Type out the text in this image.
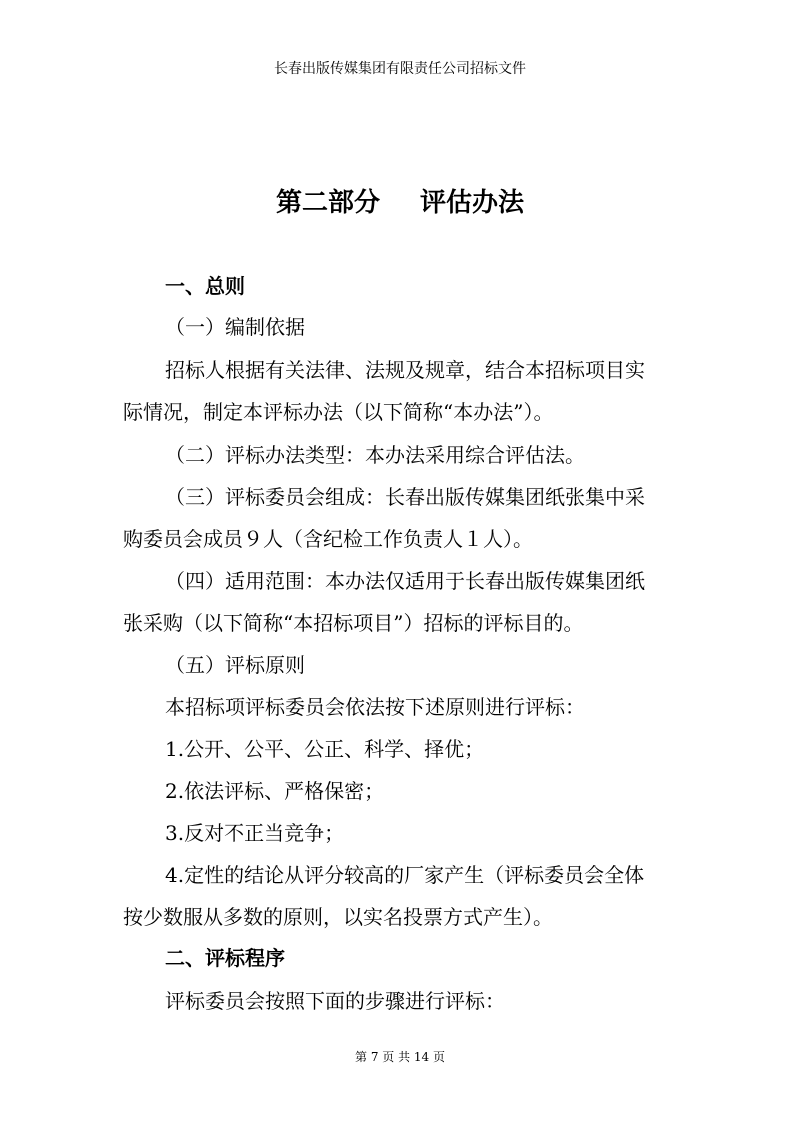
长春出版传媒集团有限责任公司招标文件
第二部分 评估办法
一、总则
（一）编制依据
招标人根据有关法律、法规及规章，结合本招标项目实
际情况，制定本评标办法（以下简称“本办法”）。
（二）评标办法类型：本办法采用综合评估法。
（三）评标委员会组成：长春出版传媒集团纸张集中采
购委员会成员９人（含纪检工作负责人１人）。
（四）适用范围：本办法仅适用于长春出版传媒集团纸
张采购（以下简称“本招标项目”）招标的评标目的。
（五）评标原则
本招标项评标委员会依法按下述原则进行评标：
1.公开、公平、公正、科学、择优；
2.依法评标、严格保密；
3.反对不正当竞争；
4.定性的结论从评分较高的厂家产生（评标委员会全体
按少数服从多数的原则，以实名投票方式产生）。
二、评标程序
评标委员会按照下面的步骤进行评标：
第 7 页 共 14 页
